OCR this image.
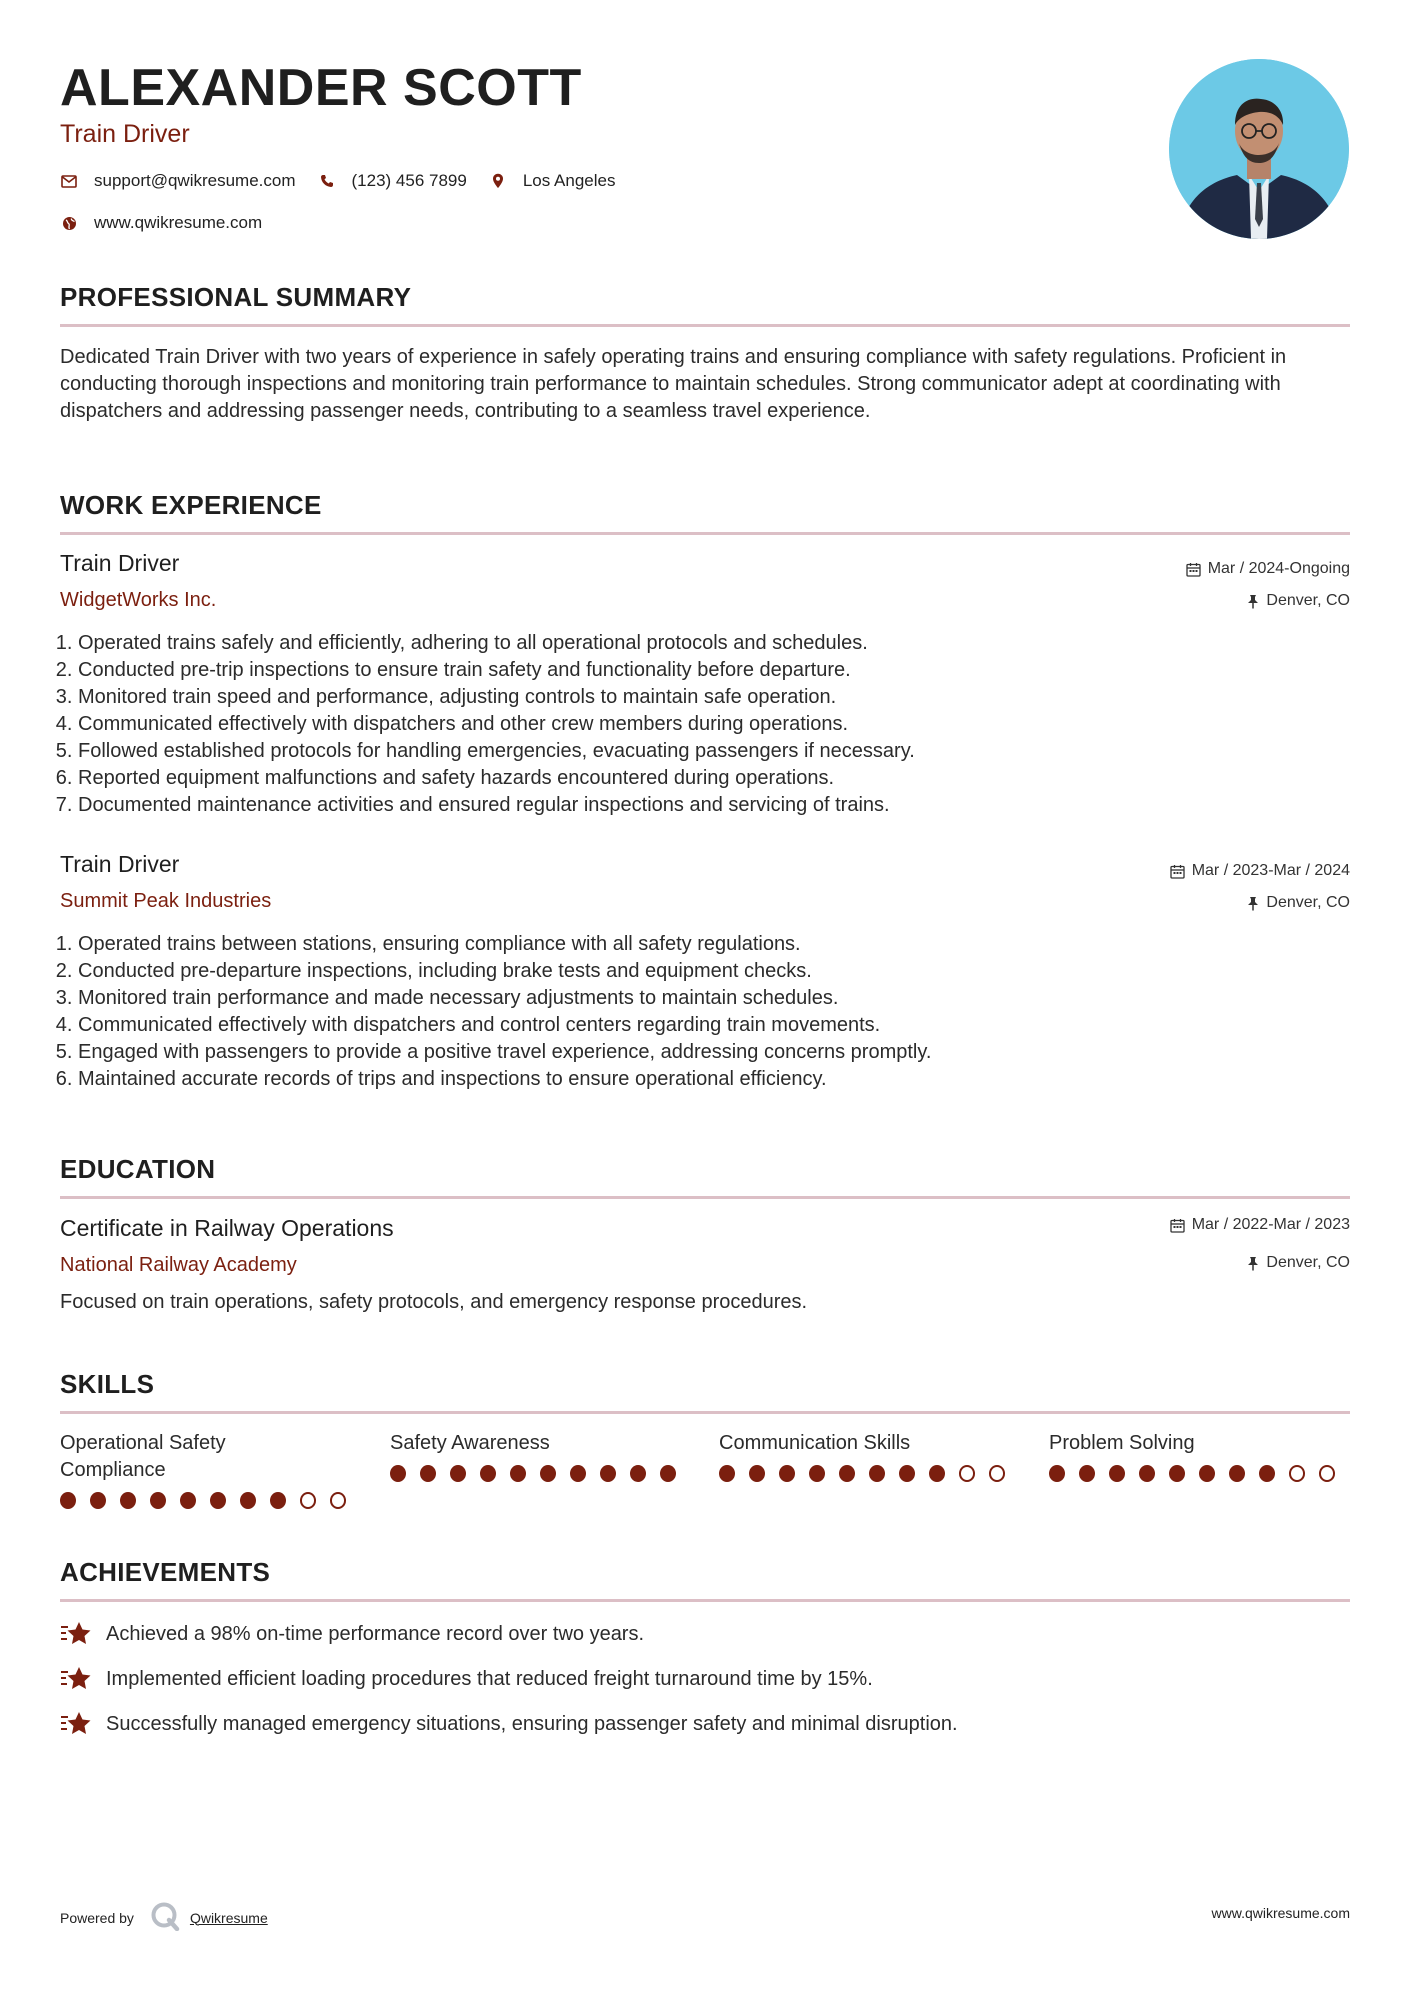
ALEXANDER SCOTT
Train Driver
support@qwikresume.com	(123) 456 7899	Los Angeles
www.qwikresume.com
PROFESSIONAL SUMMARY
Dedicated Train Driver with two years of experience in safely operating trains and ensuring compliance with safety regulations. Proficient in conducting thorough inspections and monitoring train performance to maintain schedules. Strong communicator adept at coordinating with dispatchers and addressing passenger needs, contributing to a seamless travel experience.
WORK EXPERIENCE
Train Driver
WidgetWorks Inc.
Mar / 2024-Ongoing
Denver, CO
1. Operated trains safely and efficiently, adhering to all operational protocols and schedules.
2. Conducted pre-trip inspections to ensure train safety and functionality before departure.
3. Monitored train speed and performance, adjusting controls to maintain safe operation.
4. Communicated effectively with dispatchers and other crew members during operations.
5. Followed established protocols for handling emergencies, evacuating passengers if necessary.
6. Reported equipment malfunctions and safety hazards encountered during operations.
7. Documented maintenance activities and ensured regular inspections and servicing of trains.
Train Driver
Summit Peak Industries
Mar / 2023-Mar / 2024
Denver, CO
1. Operated trains between stations, ensuring compliance with all safety regulations.
2. Conducted pre-departure inspections, including brake tests and equipment checks.
3. Monitored train performance and made necessary adjustments to maintain schedules.
4. Communicated effectively with dispatchers and control centers regarding train movements.
5. Engaged with passengers to provide a positive travel experience, addressing concerns promptly.
6. Maintained accurate records of trips and inspections to ensure operational efficiency.
EDUCATION
Certificate in Railway Operations
National Railway Academy
Mar / 2022-Mar / 2023
Denver, CO
Focused on train operations, safety protocols, and emergency response procedures.
SKILLS
Operational Safety Compliance
Safety Awareness	Communication Skills	Problem Solving
ACHIEVEMENTS
Achieved a 98% on-time performance record over two years.
Implemented efficient loading procedures that reduced freight turnaround time by 15%.
Successfully managed emergency situations, ensuring passenger safety and minimal disruption.
Powered by	Qwikresume	www.qwikresume.com
